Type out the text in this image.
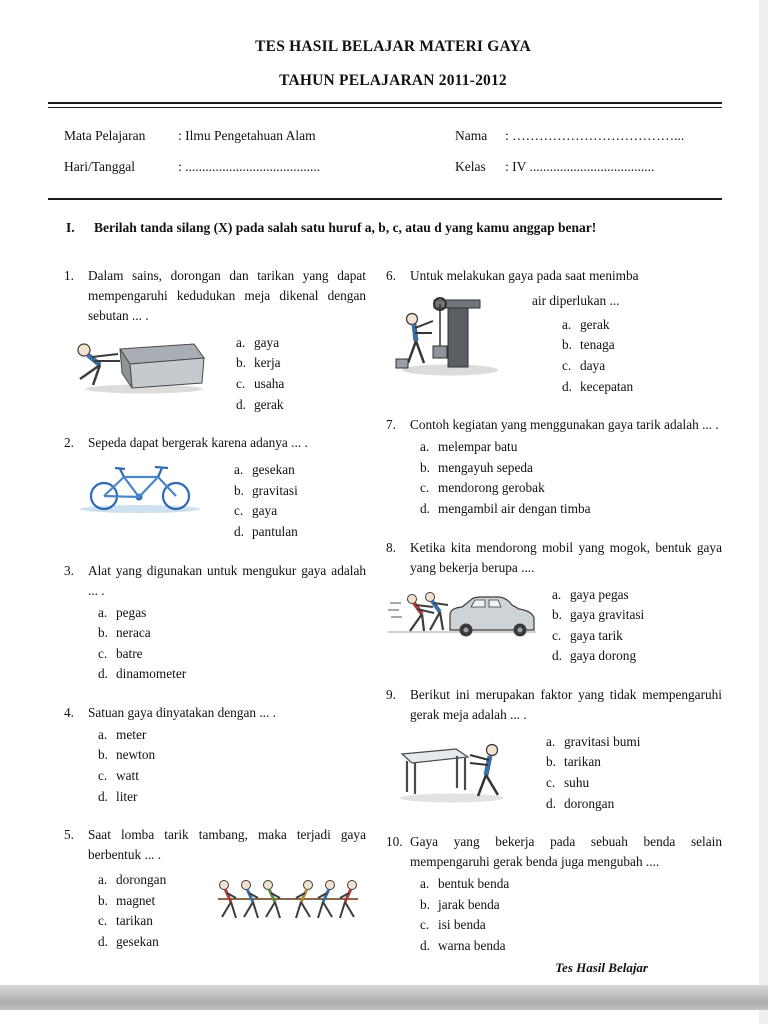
TES HASIL BELAJAR MATERI GAYA
TAHUN PELAJARAN 2011-2012
Mata Pelajaran	: Ilmu Pengetahuan Alam
Hari/Tanggal	: ........................................
Nama	: ………………………………...
Kelas	: IV .....................................
I.	Berilah tanda silang (X) pada salah satu huruf a, b, c, atau d yang kamu anggap benar!
1.	Dalam sains, dorongan dan tarikan yang dapat mempengaruhi kedudukan meja dikenal dengan sebutan ... .

a. gaya
b. kerja
c. usaha
d. gerak
2.	Sepeda dapat bergerak karena adanya ... .

a. gesekan
b. gravitasi
c. gaya
d. pantulan
3.	Alat yang digunakan untuk mengukur gaya adalah ... .

a. pegas
b. neraca
c. batre
d. dinamometer
4.	Satuan gaya dinyatakan dengan ... .

a. meter
b. newton
c. watt
d. liter
5.	Saat lomba tarik tambang, maka terjadi gaya berbentuk ... .

a. dorongan
b. magnet
c. tarikan
d. gesekan
6.	Untuk melakukan gaya pada saat menimba

air diperlukan ...

a. gerak
b. tenaga
c. daya
d. kecepatan
7.	Contoh kegiatan yang menggunakan gaya tarik adalah ... .

a. melempar batu
b. mengayuh sepeda
c. mendorong gerobak
d. mengambil air dengan timba
8.	Ketika kita mendorong mobil yang mogok, bentuk gaya yang bekerja berupa ....

a. gaya pegas
b. gaya gravitasi
c. gaya tarik
d. gaya dorong
9.	Berikut ini merupakan faktor yang tidak mempengaruhi gerak meja adalah ... .

a. gravitasi bumi
b. tarikan
c. suhu
d. dorongan
10. Gaya yang bekerja pada sebuah benda selain mempengaruhi gerak benda juga mengubah ....

a. bentuk benda
b. jarak benda
c. isi benda
d. warna benda
Tes Hasil Belajar
